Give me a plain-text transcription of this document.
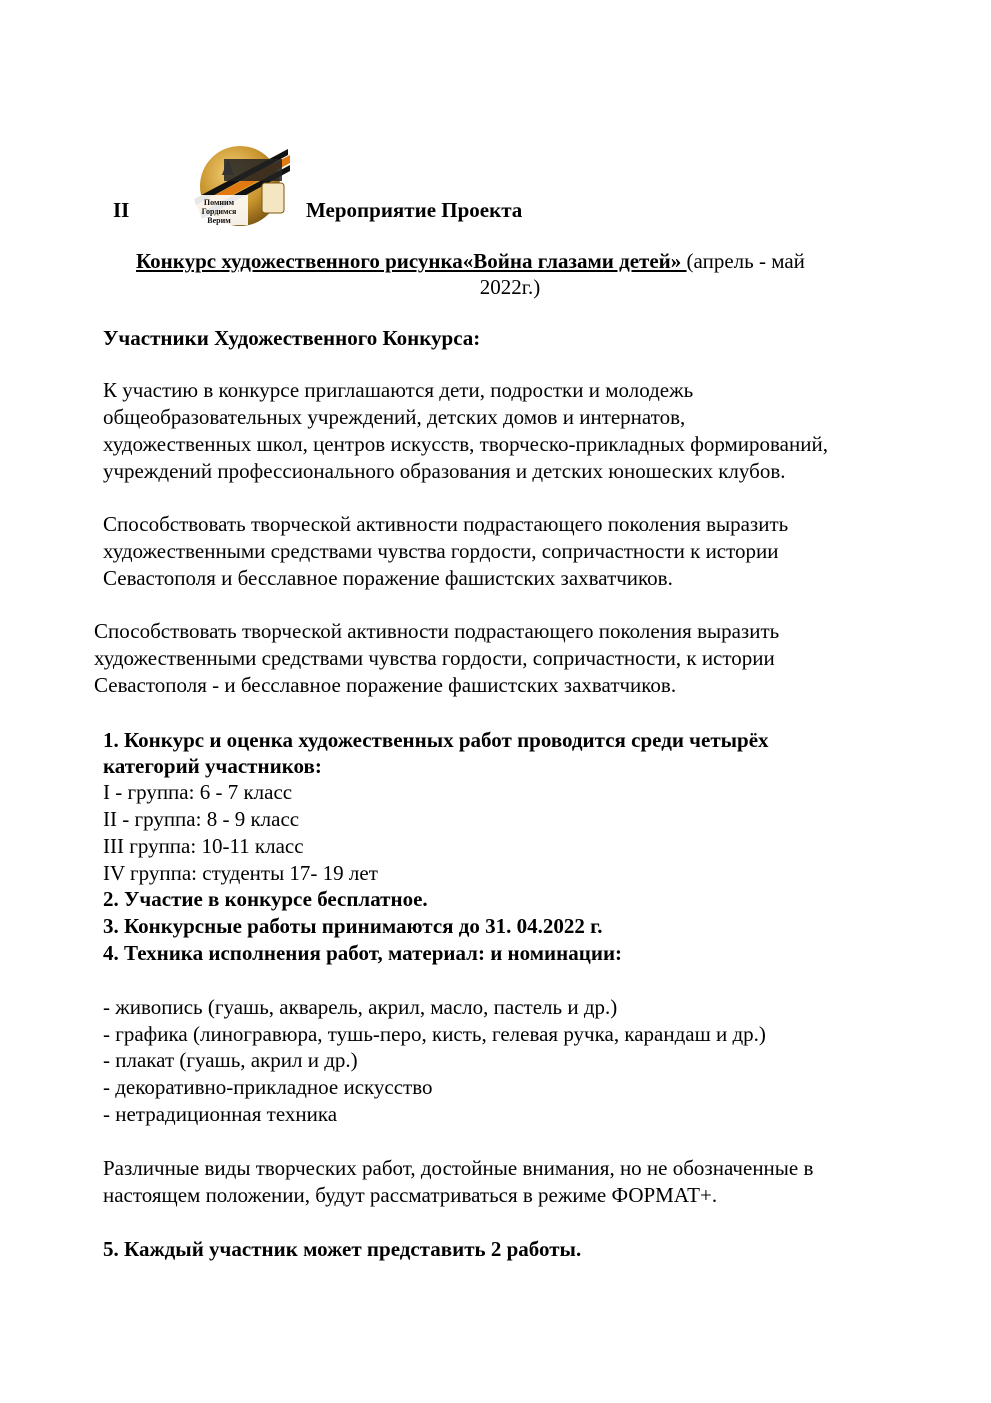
II	Помним
Гордимся
Верим	Мероприятие Проекта
Конкурс художественного рисунка«Война глазами детей» (апрель - май
2022г.)
Участники Художественного Конкурса:
К участию в конкурсе приглашаются дети, подростки и молодежь
общеобразовательных учреждений, детских домов и интернатов,
художественных школ, центров искусств, творческо-прикладных формирований,
учреждений профессионального образования и детских юношеских клубов.
Способствовать творческой активности подрастающего поколения выразить
художественными средствами чувства гордости, сопричастности к истории
Севастополя и бесславное поражение фашистских захватчиков.
Способствовать творческой активности подрастающего поколения выразить
художественными средствами чувства гордости, сопричастности, к истории
Севастополя - и бесславное поражение фашистских захватчиков.
1. Конкурс и оценка художественных работ проводится среди четырёх
категорий участников:
I - группа: 6 - 7 класс
II - группа: 8 - 9 класс
III группа: 10-11 класс
IV группа: студенты 17- 19 лет
2. Участие в конкурсе бесплатное.
3. Конкурсные работы принимаются до 31. 04.2022 г.
4. Техника исполнения работ, материал: и номинации:
- живопись (гуашь, акварель, акрил, масло, пастель и др.)
- графика (линогравюра, тушь-перо, кисть, гелевая ручка, карандаш и др.)
- плакат (гуашь, акрил и др.)
- декоративно-прикладное искусство
- нетрадиционная техника
Различные виды творческих работ, достойные внимания, но не обозначенные в
настоящем положении, будут рассматриваться в режиме ФОРМАТ+.
5. Каждый участник может представить 2 работы.
